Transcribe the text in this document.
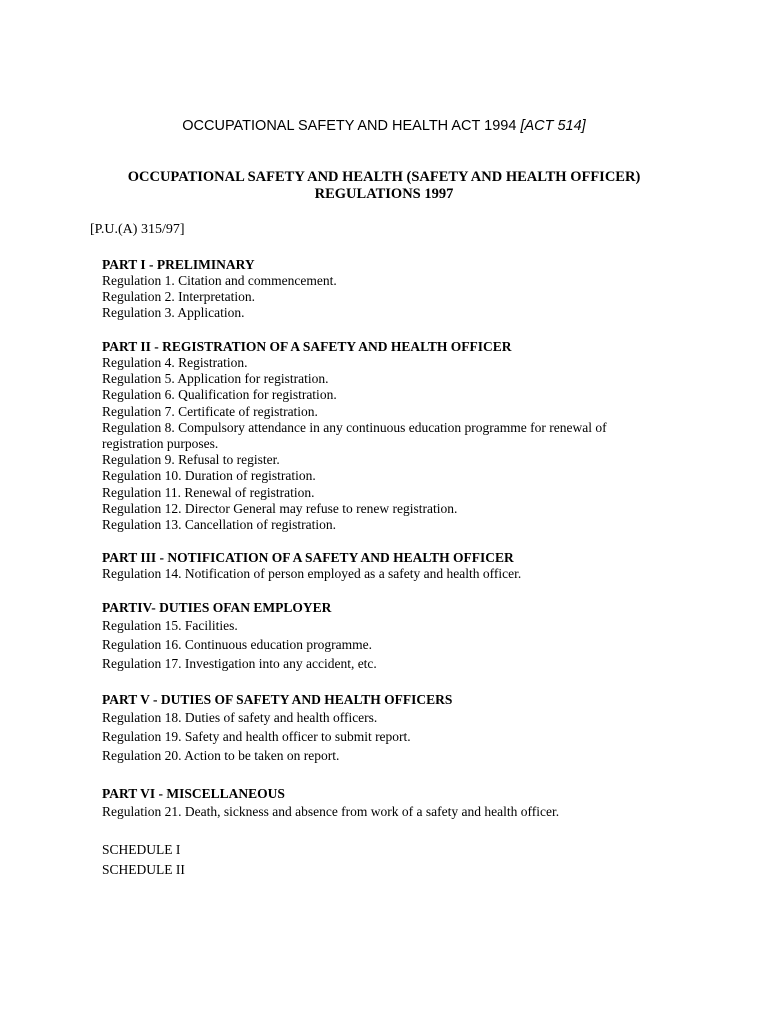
OCCUPATIONAL SAFETY AND HEALTH ACT 1994 [ACT 514]
OCCUPATIONAL SAFETY AND HEALTH (SAFETY AND HEALTH OFFICER)
REGULATIONS 1997
[P.U.(A) 315/97]

PART I - PRELIMINARY

Regulation 1. Citation and commencement.

Regulation 2. Interpretation.

Regulation 3. Application.

PART II - REGISTRATION OF A SAFETY AND HEALTH OFFICER

Regulation 4. Registration.

Regulation 5. Application for registration.

Regulation 6. Qualification for registration.

Regulation 7. Certificate of registration.

Regulation 8. Compulsory attendance in any continuous education programme for renewal of

registration purposes.

Regulation 9. Refusal to register.

Regulation 10. Duration of registration.

Regulation 11. Renewal of registration.

Regulation 12. Director General may refuse to renew registration.

Regulation 13. Cancellation of registration.

PART III - NOTIFICATION OF A SAFETY AND HEALTH OFFICER

Regulation 14. Notification of person employed as a safety and health officer.

PARTIV- DUTIES OFAN EMPLOYER

Regulation 15. Facilities.

Regulation 16. Continuous education programme.

Regulation 17. Investigation into any accident, etc.

PART V - DUTIES OF SAFETY AND HEALTH OFFICERS

Regulation 18. Duties of safety and health officers.

Regulation 19. Safety and health officer to submit report.

Regulation 20. Action to be taken on report.

PART VI - MISCELLANEOUS

Regulation 21. Death, sickness and absence from work of a safety and health officer.

SCHEDULE I

SCHEDULE II
